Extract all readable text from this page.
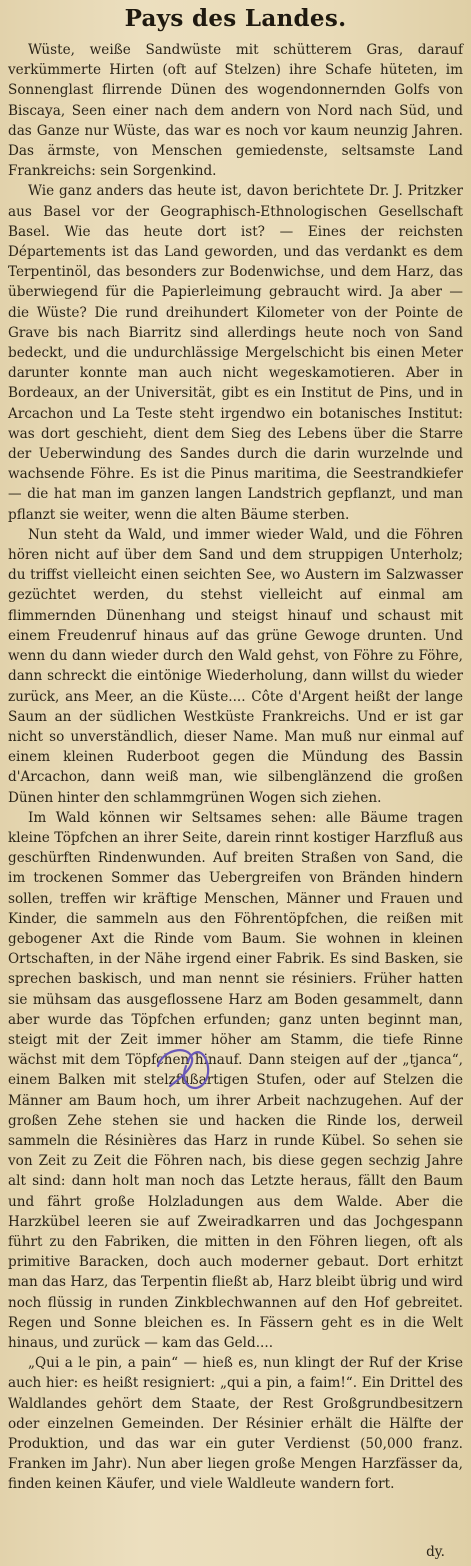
Pays des Landes.

Wüste, weiße Sandwüste mit schütterem Gras, darauf verkümmerte Hirten (oft auf Stelzen) ihre Schafe hüteten, im Sonnenglast flirrende Dünen des wogendonnernden Golfs von Biscaya, Seen einer nach dem andern von Nord nach Süd, und das Ganze nur Wüste, das war es noch vor kaum neunzig Jahren. Das ärmste, von Menschen gemiedenste, seltsamste Land Frankreichs: sein Sorgenkind.

Wie ganz anders das heute ist, davon berichtete Dr. J. Pritzker aus Basel vor der Geographisch-Ethnologischen Gesellschaft Basel. Wie das heute dort ist? — Eines der reichsten Départements ist das Land geworden, und das verdankt es dem Terpentinöl, das besonders zur Bodenwichse, und dem Harz, das überwiegend für die Papierleimung gebraucht wird. Ja aber — die Wüste? Die rund dreihundert Kilometer von der Pointe de Grave bis nach Biarritz sind allerdings heute noch von Sand bedeckt, und die undurchlässige Mergelschicht bis einen Meter darunter konnte man auch nicht wegeskamotieren. Aber in Bordeaux, an der Universität, gibt es ein Institut de Pins, und in Arcachon und La Teste steht irgendwo ein botanisches Institut: was dort geschieht, dient dem Sieg des Lebens über die Starre der Ueberwindung des Sandes durch die darin wurzelnde und wachsende Föhre. Es ist die Pinus maritima, die Seestrandkiefer — die hat man im ganzen langen Landstrich gepflanzt, und man pflanzt sie weiter, wenn die alten Bäume sterben.

Nun steht da Wald, und immer wieder Wald, und die Föhren hören nicht auf über dem Sand und dem struppigen Unterholz; du triffst vielleicht einen seichten See, wo Austern im Salzwasser gezüchtet werden, du stehst vielleicht auf einmal am flimmernden Dünenhang und steigst hinauf und schaust mit einem Freudenruf hinaus auf das grüne Gewoge drunten. Und wenn du dann wieder durch den Wald gehst, von Föhre zu Föhre, dann schreckt die eintönige Wiederholung, dann willst du wieder zurück, ans Meer, an die Küste.... Côte d'Argent heißt der lange Saum an der südlichen Westküste Frankreichs. Und er ist gar nicht so unverständlich, dieser Name. Man muß nur einmal auf einem kleinen Ruderboot gegen die Mündung des Bassin d'Arcachon, dann weiß man, wie silbenglänzend die großen Dünen hinter den schlammgrünen Wogen sich ziehen.

Im Wald können wir Seltsames sehen: alle Bäume tragen kleine Töpfchen an ihrer Seite, darein rinnt kostiger Harzfluß aus geschürften Rindenwunden. Auf breiten Straßen von Sand, die im trockenen Sommer das Uebergreifen von Bränden hindern sollen, treffen wir kräftige Menschen, Männer und Frauen und Kinder, die sammeln aus den Föhrentöpfchen, die reißen mit gebogener Axt die Rinde vom Baum. Sie wohnen in kleinen Ortschaften, in der Nähe irgend einer Fabrik. Es sind Basken, sie sprechen baskisch, und man nennt sie résiniers. Früher hatten sie mühsam das ausgeflossene Harz am Boden gesammelt, dann aber wurde das Töpfchen erfunden; ganz unten beginnt man, steigt mit der Zeit immer höher am Stamm, die tiefe Rinne wächst mit dem Töpfchen hinauf. Dann steigen auf der „tjanca“, einem Balken mit stelzfußartigen Stufen, oder auf Stelzen die Männer am Baum hoch, um ihrer Arbeit nachzugehen. Auf der großen Zehe stehen sie und hacken die Rinde los, derweil sammeln die Résinières das Harz in runde Kübel. So sehen sie von Zeit zu Zeit die Föhren nach, bis diese gegen sechzig Jahre alt sind: dann holt man noch das Letzte heraus, fällt den Baum und fährt große Holzladungen aus dem Walde. Aber die Harzkübel leeren sie auf Zweiradkarren und das Jochgespann führt zu den Fabriken, die mitten in den Föhren liegen, oft als primitive Baracken, doch auch moderner gebaut. Dort erhitzt man das Harz, das Terpentin fließt ab, Harz bleibt übrig und wird noch flüssig in runden Zinkblechwannen auf den Hof gebreitet. Regen und Sonne bleichen es. In Fässern geht es in die Welt hinaus, und zurück — kam das Geld....

„Qui a le pin, a pain“ — hieß es, nun klingt der Ruf der Krise auch hier: es heißt resigniert: „qui a pin, a faim!“. Ein Drittel des Waldlandes gehört dem Staate, der Rest Großgrundbesitzern oder einzelnen Gemeinden. Der Résinier erhält die Hälfte der Produktion, und das war ein guter Verdienst (50,000 franz. Franken im Jahr). Nun aber liegen große Mengen Harzfässer da, finden keinen Käufer, und viele Waldleute wandern fort.

dy.
